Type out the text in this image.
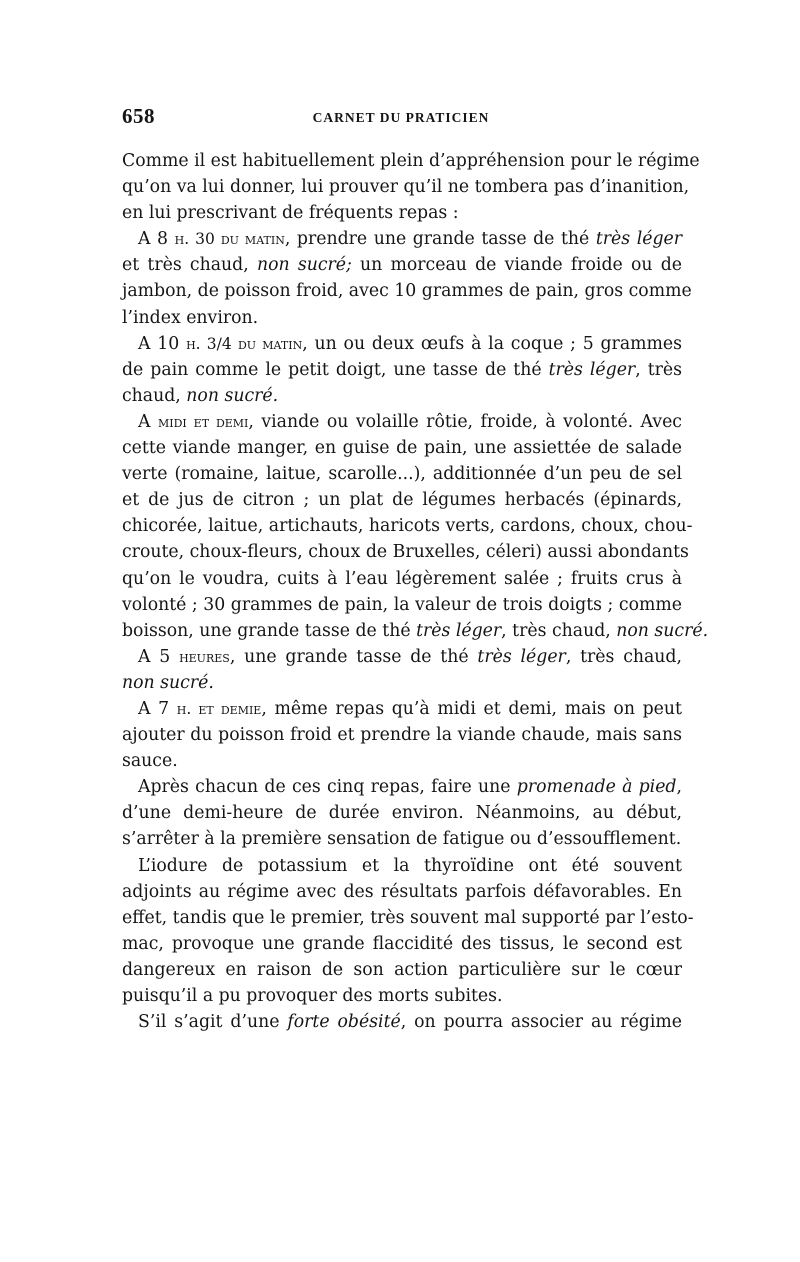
658	CARNET DU PRATICIEN
Comme il est habituellement plein d’appréhension pour le régime
qu’on va lui donner, lui prouver qu’il ne tombera pas d’inanition,
en lui prescrivant de fréquents repas :
A 8 h. 30 du matin, prendre une grande tasse de thé très léger
et très chaud, non sucré; un morceau de viande froide ou de
jambon, de poisson froid, avec 10 grammes de pain, gros comme
l’index environ.
A 10 h. 3/4 du matin, un ou deux œufs à la coque ; 5 grammes
de pain comme le petit doigt, une tasse de thé très léger, très
chaud, non sucré.
A midi et demi, viande ou volaille rôtie, froide, à volonté. Avec
cette viande manger, en guise de pain, une assiettée de salade
verte (romaine, laitue, scarolle...), additionnée d’un peu de sel
et de jus de citron ; un plat de légumes herbacés (épinards,
chicorée, laitue, artichauts, haricots verts, cardons, choux, chou-
croute, choux-fleurs, choux de Bruxelles, céleri) aussi abondants
qu’on le voudra, cuits à l’eau légèrement salée ; fruits crus à
volonté ; 30 grammes de pain, la valeur de trois doigts ; comme
boisson, une grande tasse de thé très léger, très chaud, non sucré.
A 5 heures, une grande tasse de thé très léger, très chaud,
non sucré.
A 7 h. et demie, même repas qu’à midi et demi, mais on peut
ajouter du poisson froid et prendre la viande chaude, mais sans
sauce.
Après chacun de ces cinq repas, faire une promenade à pied,
d’une demi-heure de durée environ. Néanmoins, au début,
s’arrêter à la première sensation de fatigue ou d’essoufflement.
L’iodure de potassium et la thyroïdine ont été souvent
adjoints au régime avec des résultats parfois défavorables. En
effet, tandis que le premier, très souvent mal supporté par l’esto-
mac, provoque une grande flaccidité des tissus, le second est
dangereux en raison de son action particulière sur le cœur
puisqu’il a pu provoquer des morts subites.
S’il s’agit d’une forte obésité, on pourra associer au régime
